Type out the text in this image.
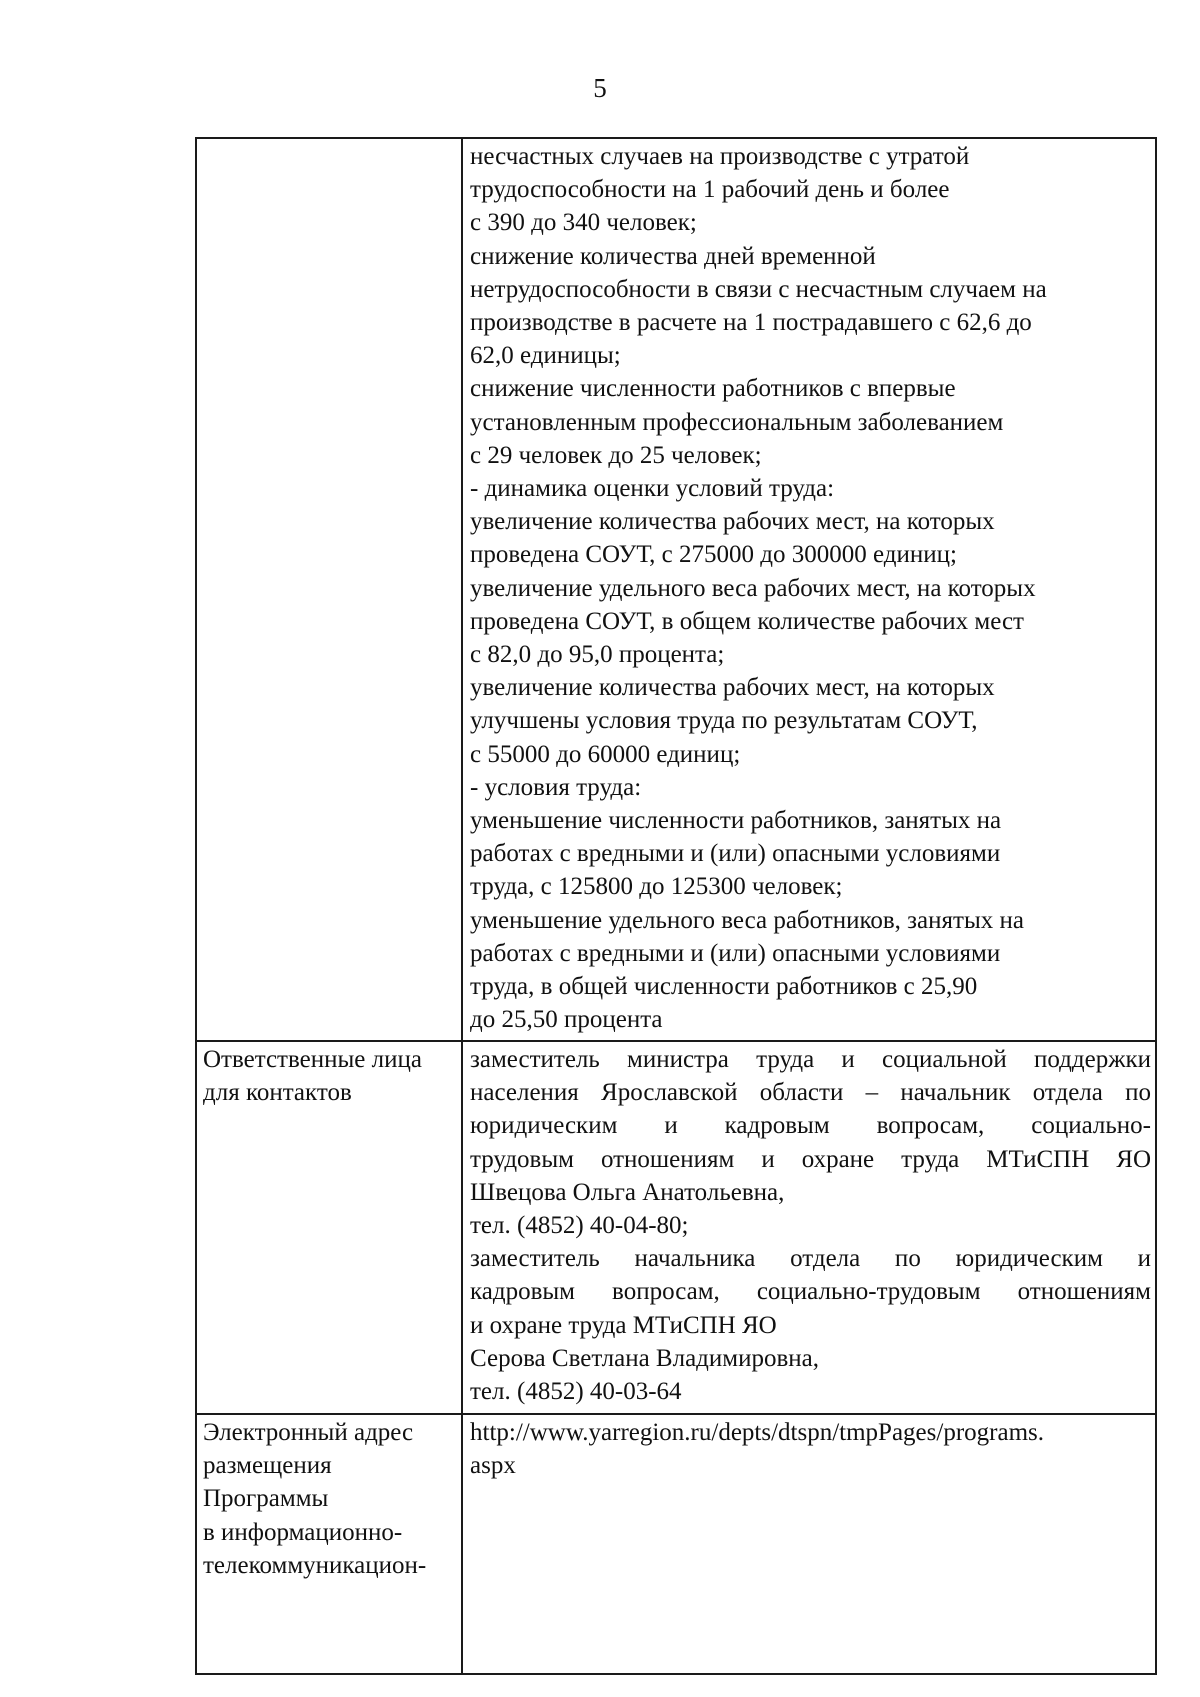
5
несчастных случаев на производстве с утратой
трудоспособности на 1 рабочий день и более
с 390 до 340 человек;
снижение количества дней временной
нетрудоспособности в связи с несчастным случаем на
производстве в расчете на 1 пострадавшего с 62,6 до
62,0 единицы;
снижение численности работников с впервые
установленным профессиональным заболеванием
с 29 человек до 25 человек;
- динамика оценки условий труда:
увеличение количества рабочих мест, на которых
проведена СОУТ, с 275000 до 300000 единиц;
увеличение удельного веса рабочих мест, на которых
проведена СОУТ, в общем количестве рабочих мест
с 82,0 до 95,0 процента;
увеличение количества рабочих мест, на которых
улучшены условия труда по результатам СОУТ,
с 55000 до 60000 единиц;
- условия труда:
уменьшение численности работников, занятых на
работах с вредными и (или) опасными условиями
труда, с 125800 до 125300 человек;
уменьшение удельного веса работников, занятых на
работах с вредными и (или) опасными условиями
труда, в общей численности работников с 25,90
до 25,50 процента
Ответственные лица
для контактов
заместитель министра труда и социальной поддержки
населения Ярославской области – начальник отдела по
юридическим и кадровым вопросам, социально-
трудовым отношениям и охране труда МТиСПН ЯО
Швецова Ольга Анатольевна,
тел. (4852) 40-04-80;
заместитель начальника отдела по юридическим и
кадровым вопросам, социально-трудовым отношениям
и охране труда МТиСПН ЯО
Серова Светлана Владимировна,
тел. (4852) 40-03-64
Электронный адрес
размещения
Программы
в информационно-
телекоммуникацион-
http://www.yarregion.ru/depts/dtspn/tmpPages/programs.
aspx
